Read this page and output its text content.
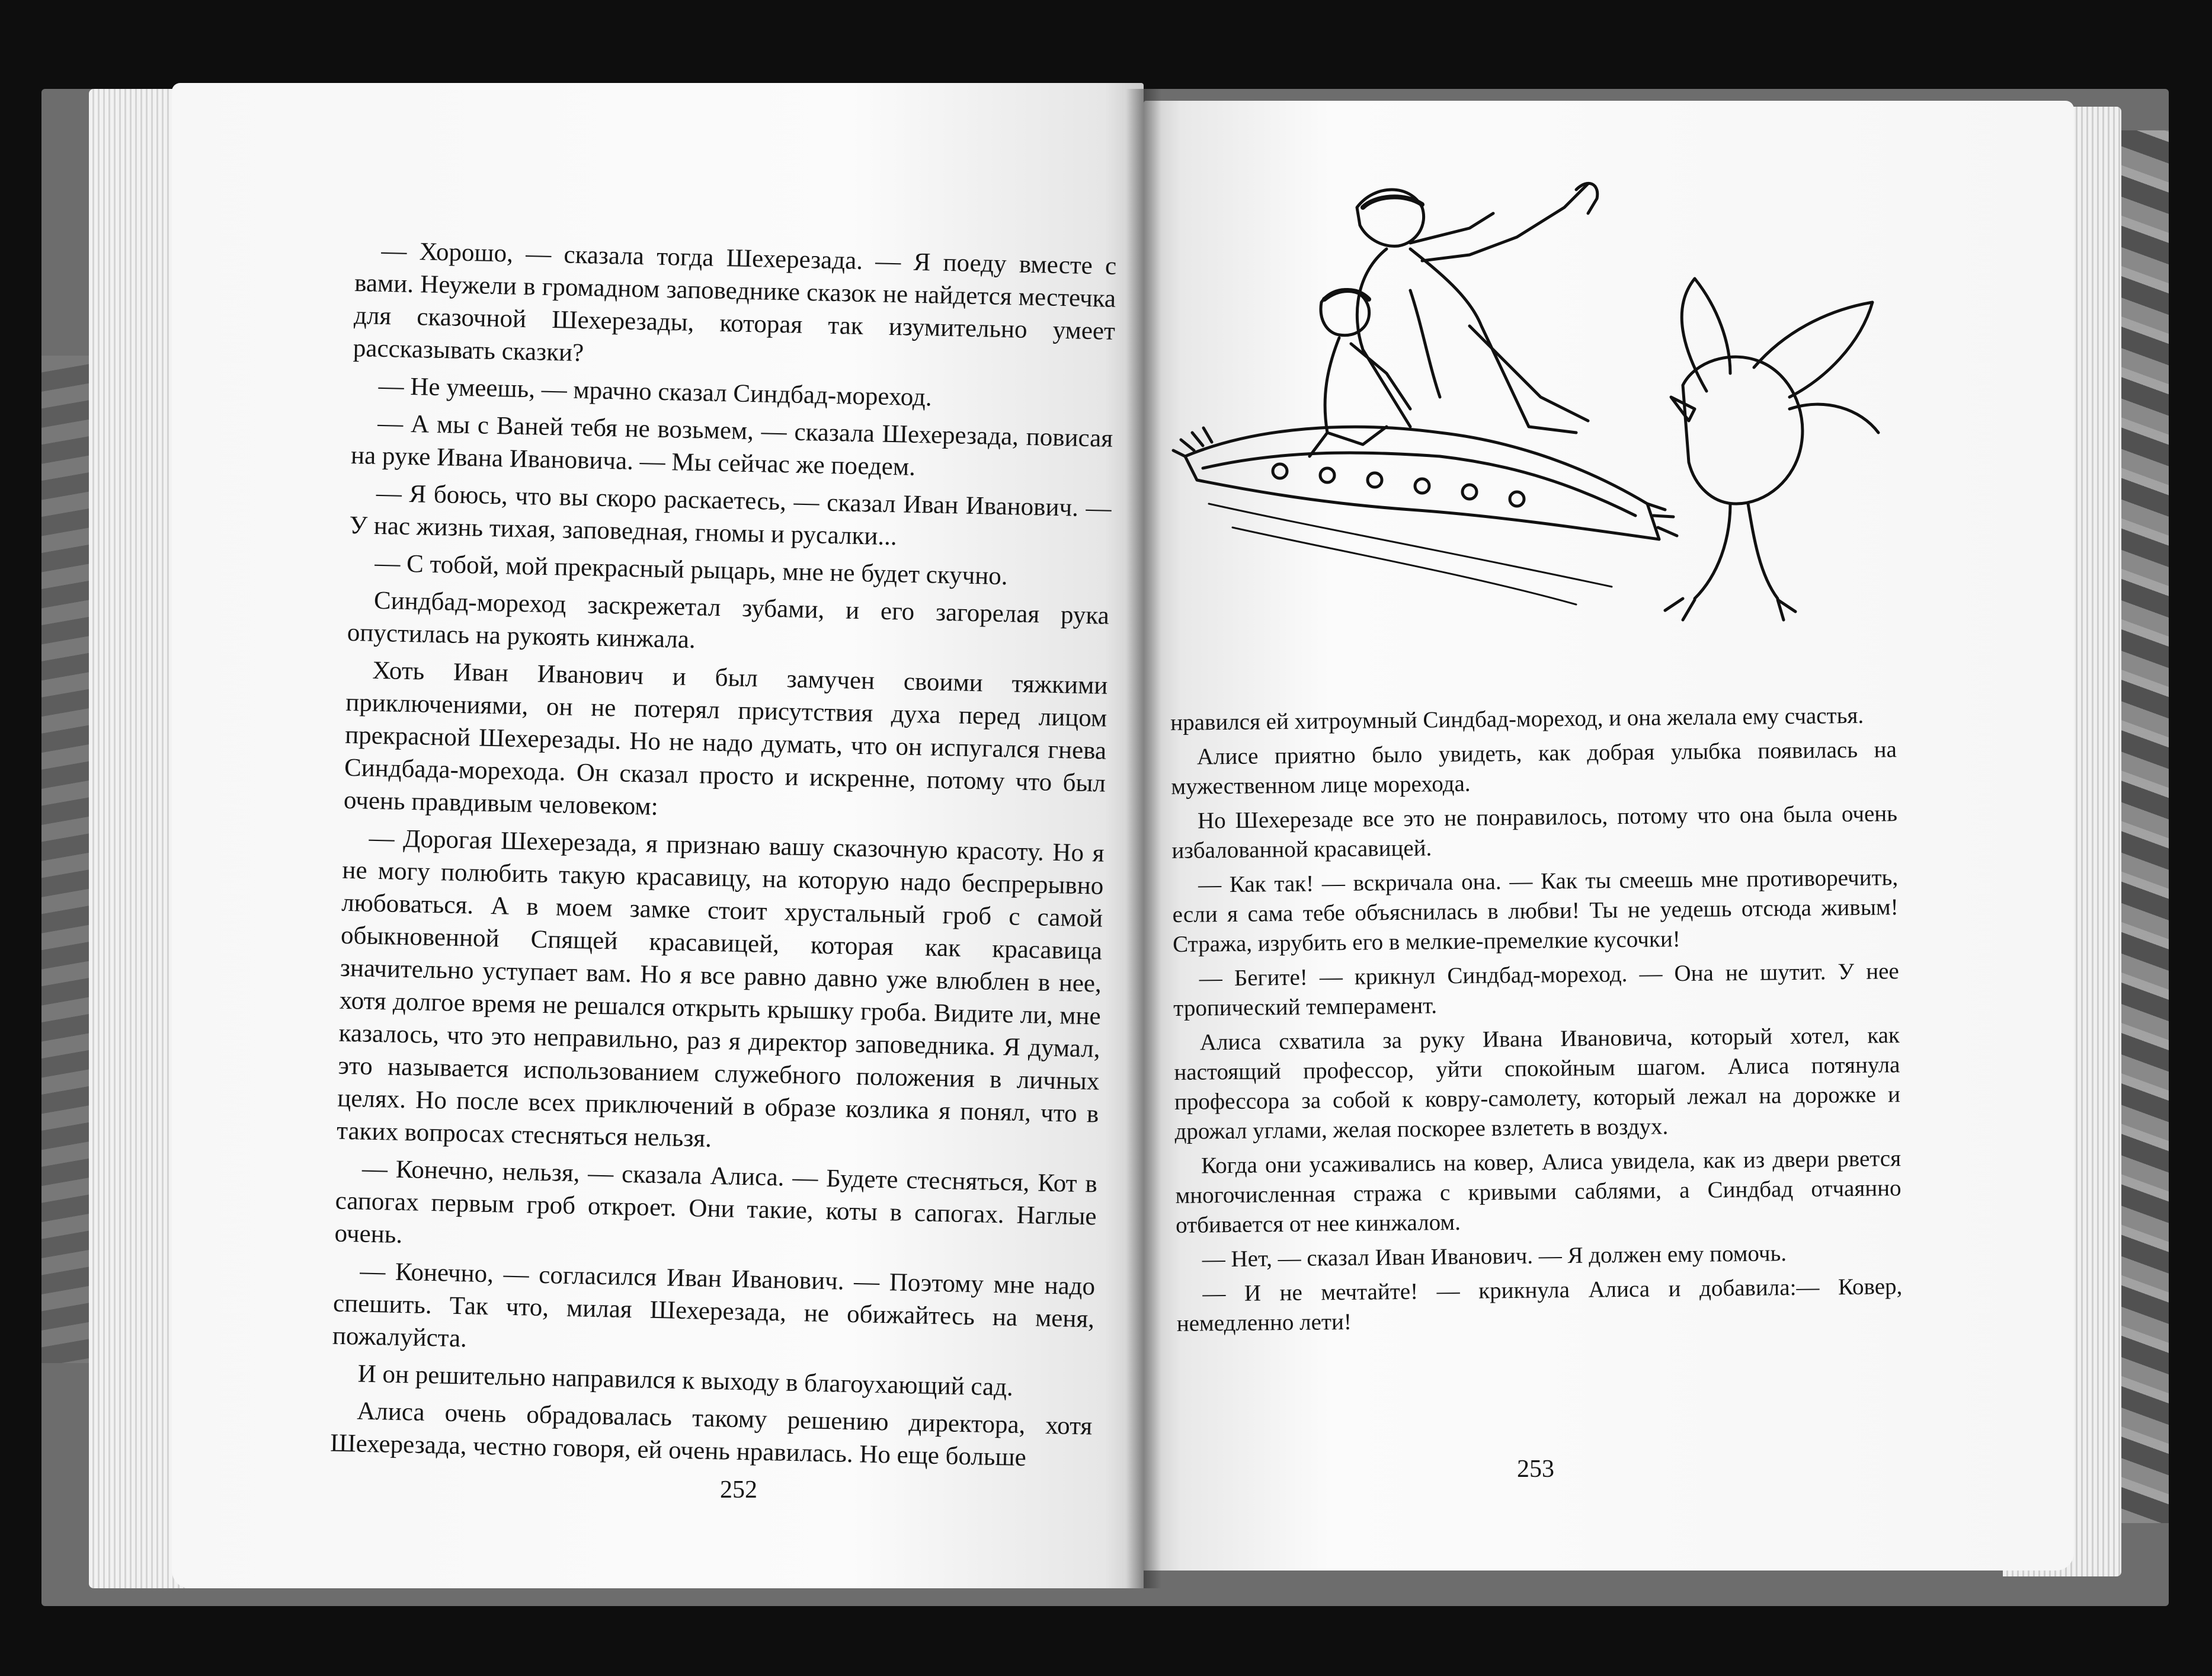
— Хорошо, — сказала тогда Шехерезада. — Я поеду вместе с вами. Неужели в громадном заповеднике сказок не найдется местечка для сказочной Шехерезады, которая так изумительно умеет рассказывать сказки?

— Не умеешь, — мрачно сказал Синдбад-мореход.

— А мы с Ваней тебя не возьмем, — сказала Шехерезада, повисая на руке Ивана Ивановича. — Мы сейчас же поедем.

— Я боюсь, что вы скоро раскаетесь, — сказал Иван Иванович. — У нас жизнь тихая, заповедная, гномы и русалки...

— С тобой, мой прекрасный рыцарь, мне не будет скучно.

Синдбад-мореход заскрежетал зубами, и его загорелая рука опустилась на рукоять кинжала.

Хоть Иван Иванович и был замучен своими тяжкими приключениями, он не потерял присутствия духа перед лицом прекрасной Шехерезады. Но не надо думать, что он испугался гнева Синдбада-морехода. Он сказал просто и искренне, потому что был очень правдивым человеком:

— Дорогая Шехерезада, я признаю вашу сказочную красоту. Но я не могу полюбить такую красавицу, на которую надо беспрерывно любоваться. А в моем замке стоит хрустальный гроб с самой обыкновенной Спящей красавицей, которая как красавица значительно уступает вам. Но я все равно давно уже влюблен в нее, хотя долгое время не решался открыть крышку гроба. Видите ли, мне казалось, что это неправильно, раз я директор заповедника. Я думал, это называется использованием служебного положения в личных целях. Но после всех приключений в образе козлика я понял, что в таких вопросах стесняться нельзя.

— Конечно, нельзя, — сказала Алиса. — Будете стесняться, Кот в сапогах первым гроб откроет. Они такие, коты в сапогах. Наглые очень.

— Конечно, — согласился Иван Иванович. — Поэтому мне надо спешить. Так что, милая Шехерезада, не обижайтесь на меня, пожалуйста.

И он решительно направился к выходу в благоухающий сад.

Алиса очень обрадовалась такому решению директора, хотя Шехерезада, честно говоря, ей очень нравилась. Но еще больше

252

нравился ей хитроумный Синдбад-мореход, и она желала ему счастья.

Алисе приятно было увидеть, как добрая улыбка появилась на мужественном лице морехода.

Но Шехерезаде все это не понравилось, потому что она была очень избалованной красавицей.

— Как так! — вскричала она. — Как ты смеешь мне противоречить, если я сама тебе объяснилась в любви! Ты не уедешь отсюда живым! Стража, изрубить его в мелкие-премелкие кусочки!

— Бегите! — крикнул Синдбад-мореход. — Она не шутит. У нее тропический темперамент.

Алиса схватила за руку Ивана Ивановича, который хотел, как настоящий профессор, уйти спокойным шагом. Алиса потянула профессора за собой к ковру-самолету, который лежал на дорожке и дрожал углами, желая поскорее взлететь в воздух.

Когда они усаживались на ковер, Алиса увидела, как из двери рвется многочисленная стража с кривыми саблями, а Синдбад отчаянно отбивается от нее кинжалом.

— Нет, — сказал Иван Иванович. — Я должен ему помочь.

— И не мечтайте! — крикнула Алиса и добавила:— Ковер, немедленно лети!

253
